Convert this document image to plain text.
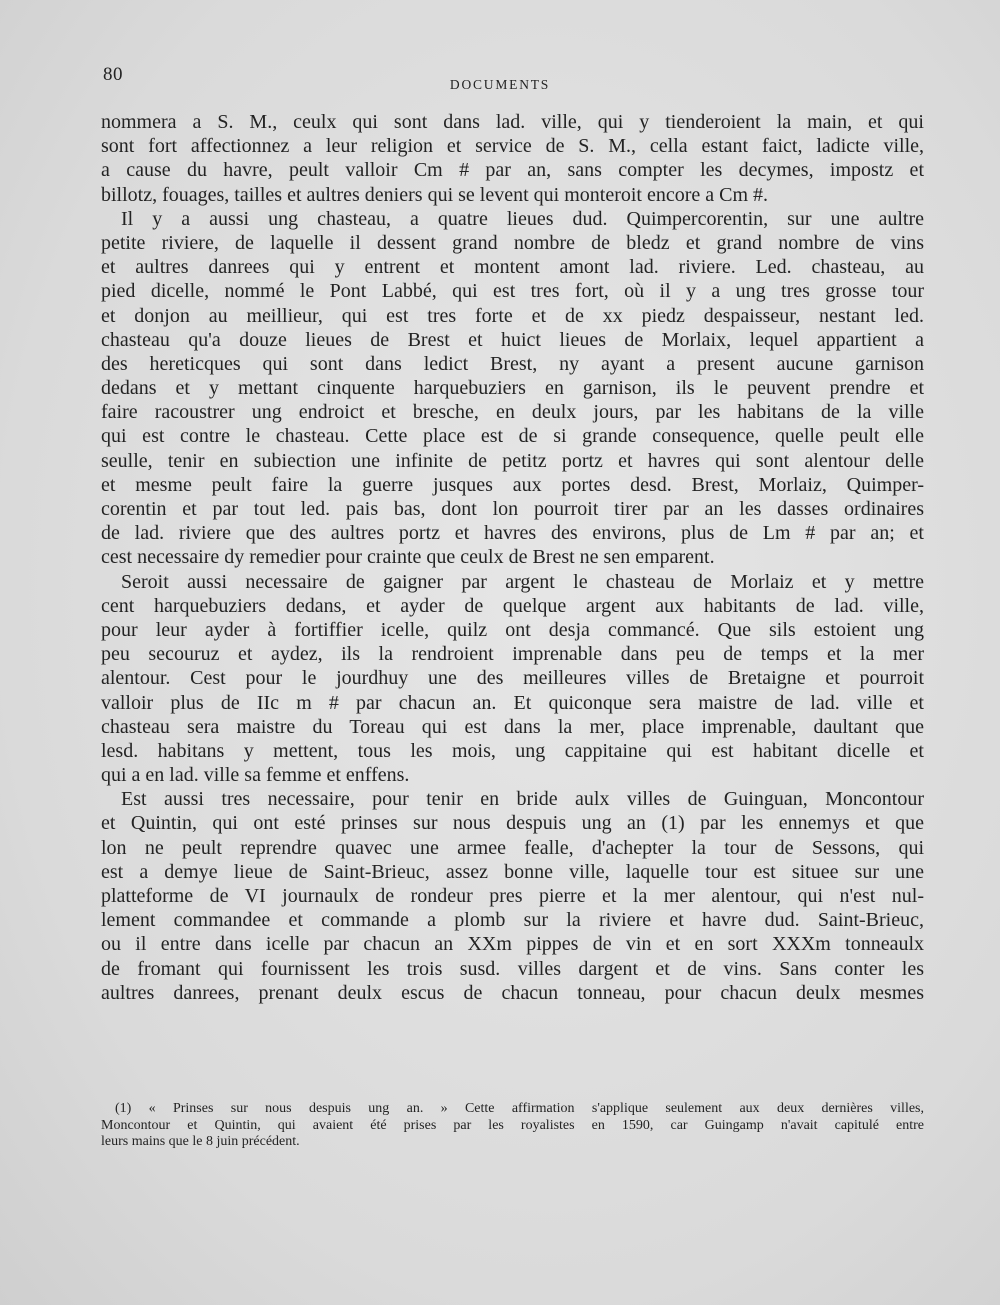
80	DOCUMENTS
nommera a S. M., ceulx qui sont dans lad. ville, qui y tienderoient la main, et qui
sont fort affectionnez a leur religion et service de S. M., cella estant faict, ladicte ville,
a cause du havre, peult valloir Cm # par an, sans compter les decymes, impostz et
billotz, fouages, tailles et aultres deniers qui se levent qui monteroit encore a Cm #.
Il y a aussi ung chasteau, a quatre lieues dud. Quimpercorentin, sur une aultre
petite riviere, de laquelle il dessent grand nombre de bledz et grand nombre de vins
et aultres danrees qui y entrent et montent amont lad. riviere. Led. chasteau, au
pied dicelle, nommé le Pont Labbé, qui est tres fort, où il y a ung tres grosse tour
et donjon au meillieur, qui est tres forte et de xx piedz despaisseur, nestant led.
chasteau qu'a douze lieues de Brest et huict lieues de Morlaix, lequel appartient a
des hereticques qui sont dans ledict Brest, ny ayant a present aucune garnison
dedans et y mettant cinquente harquebuziers en garnison, ils le peuvent prendre et
faire racoustrer ung endroict et bresche, en deulx jours, par les habitans de la ville
qui est contre le chasteau. Cette place est de si grande consequence, quelle peult elle
seulle, tenir en subiection une infinite de petitz portz et havres qui sont alentour delle
et mesme peult faire la guerre jusques aux portes desd. Brest, Morlaiz, Quimper-
corentin et par tout led. pais bas, dont lon pourroit tirer par an les dasses ordinaires
de lad. riviere que des aultres portz et havres des environs, plus de Lm # par an; et
cest necessaire dy remedier pour crainte que ceulx de Brest ne sen emparent.
Seroit aussi necessaire de gaigner par argent le chasteau de Morlaiz et y mettre
cent harquebuziers dedans, et ayder de quelque argent aux habitants de lad. ville,
pour leur ayder à fortiffier icelle, quilz ont desja commancé. Que sils estoient ung
peu secouruz et aydez, ils la rendroient imprenable dans peu de temps et la mer
alentour. Cest pour le jourdhuy une des meilleures villes de Bretaigne et pourroit
valloir plus de IIc m # par chacun an. Et quiconque sera maistre de lad. ville et
chasteau sera maistre du Toreau qui est dans la mer, place imprenable, daultant que
lesd. habitans y mettent, tous les mois, ung cappitaine qui est habitant dicelle et
qui a en lad. ville sa femme et enffens.
Est aussi tres necessaire, pour tenir en bride aulx villes de Guinguan, Moncontour
et Quintin, qui ont esté prinses sur nous despuis ung an (1) par les ennemys et que
lon ne peult reprendre quavec une armee fealle, d'achepter la tour de Sessons, qui
est a demye lieue de Saint-Brieuc, assez bonne ville, laquelle tour est situee sur une
platteforme de VI journaulx de rondeur pres pierre et la mer alentour, qui n'est nul-
lement commandee et commande a plomb sur la riviere et havre dud. Saint-Brieuc,
ou il entre dans icelle par chacun an XXm pippes de vin et en sort XXXm tonneaulx
de fromant qui fournissent les trois susd. villes dargent et de vins. Sans conter les
aultres danrees, prenant deulx escus de chacun tonneau, pour chacun deulx mesmes
(1) « Prinses sur nous despuis ung an. » Cette affirmation s'applique seulement aux deux dernières villes,
Moncontour et Quintin, qui avaient été prises par les royalistes en 1590, car Guingamp n'avait capitulé entre
leurs mains que le 8 juin précédent.
